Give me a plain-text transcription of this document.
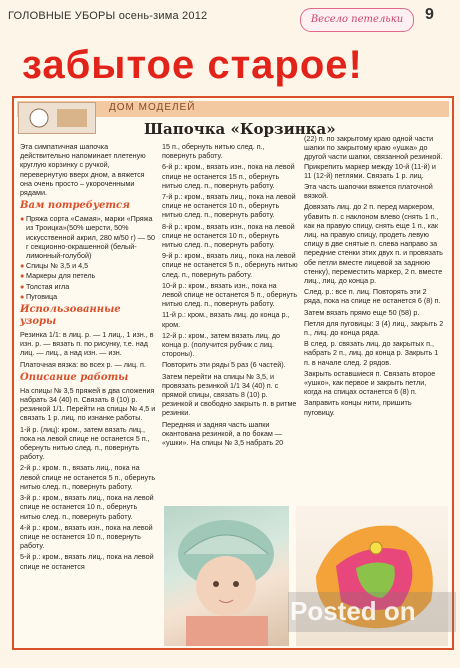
ГОЛОВНЫЕ УБОРЫ осень-зима 2012	Весело петельки	9
забытое старое!
ДОМ МОДЕЛЕЙ
Шапочка «Корзинка»

Эта симпатичная шапочка действительно напоминает плетеную круглую корзинку с ручкой, перевернутую вверх дном, а вяжется она очень просто – укороченными рядами.

Вам потребуется
● Пряжа сорта «Самая», марки «Пряжа из Троицка»(50% шерсти, 50% искусственной акрил, 280 м/50 г) — 50 г секционно-окрашенной (белый-лимонный-голубой)
● Спицы № 3,5 и 4,5
● Маркеры для петель
● Толстая игла
● Пуговица
Использованные узоры

Резинка 1/1: в лиц. р. — 1 лиц., 1 изн., в изн. р. — вязать п. по рисунку, т.е. над лиц. — лиц., а над изн. — изн.

Платочная вязка: во всех р. — лиц. п.

Описание работы

На спицы № 3,5 пряжей в два сложения набрать 34 (40) п. Связать 8 (10) р. резинкой 1/1. Перейти на спицы № 4,5 и связать 1 р. лиц. по изнанке работы.

1-й р. (лиц): кром., затем вязать лиц., пока на левой спице не останется 5 п., обернуть нитью след. п., повернуть работу.

2-й р.: кром. п., вязать лиц., пока на левой спице не останется 5 п., обернуть нитью след. п., повернуть работу.

3-й р.: кром., вязать лиц., пока на левой спице не останется 10 п., обернуть нитью след. п., повернуть работу.

4-й р.: кром., вязать изн., пока на левой спице не останется 10 п., повернуть работу.

5-й р.: кром., вязать лиц., пока на левой спице не останется

15 п., обернуть нитью след. п., повернуть работу.

6-й р.: кром., вязать изн., пока на левой спице не останется 15 п., обернуть нитью след. п., повернуть работу.

7-й р.: кром., вязать лиц., пока на левой спице не останется 10 п., обернуть нитью след. п., повернуть работу.

8-й р.: кром., вязать изн., пока на левой спице не останется 10 п., обернуть нитью след. п., повернуть работу.

9-й р.: кром., вязать лиц., пока на левой спице не останется 5 п., обернуть нитью след. п., повернуть работу.

10-й р.: кром., вязать изн., пока на левой спице не останется 5 п., обернуть нитью след. п., повернуть работу.

11-й р.: кром., вязать лиц. до конца р., кром.

12-й р.: кром., затем вязать лиц. до конца р. (получится рубчик с лиц. стороны).

Повторить эти ряды 5 раз (6 частей).

Затем перейти на спицы № 3,5, и провязать резинкой 1/1 34 (40) п. с прямой спицы, связать 8 (10) р. резинкой и свободно закрыть п. в ритме резинки.

Передняя и задняя часть шапки окантована резинкой, а по бокам — «ушки». На спицы № 3,5 набрать 20

(22) п. по закрытому краю одной части шапки по закрытому краю «ушка» до другой части шапки, связанной резинкой. Прикрепить маркер между 10-й (11-й) и 11 (12-й) петлями. Связать 1 р. лиц.

Эта часть шапочки вяжется платочной вязкой.

Довязать лиц. до 2 п. перед маркером, убавить п. с наклоном влево (снять 1 п., как на правую спицу, снять еще 1 п., как лиц. на правую спицу, продеть левую спицу в две снятые п. слева направо за передние стенки этих двух п. и провязать обе петли вместе лицевой за заднюю стенку), переместить маркер, 2 п. вместе лиц., лиц. до конца р.

След. р.: все п. лиц. Повторять эти 2 ряда, пока на спице не останется 6 (8) п.

Затем вязать прямо еще 50 (58) р.

Петля для пуговицы: 3 (4) лиц., закрыть 2 п., лиц. до конца ряда.

В след. р. связать лиц. до закрытых п., набрать 2 п., лиц. до конца р. Закрыть 1 п. в начале след. 2 рядов.

Закрыть оставшиеся п. Связать второе «ушко», как первое и закрыть петли, когда на спицах останется 6 (8) п.

Заправить концы нити, пришить пуговицу.

Posted on
